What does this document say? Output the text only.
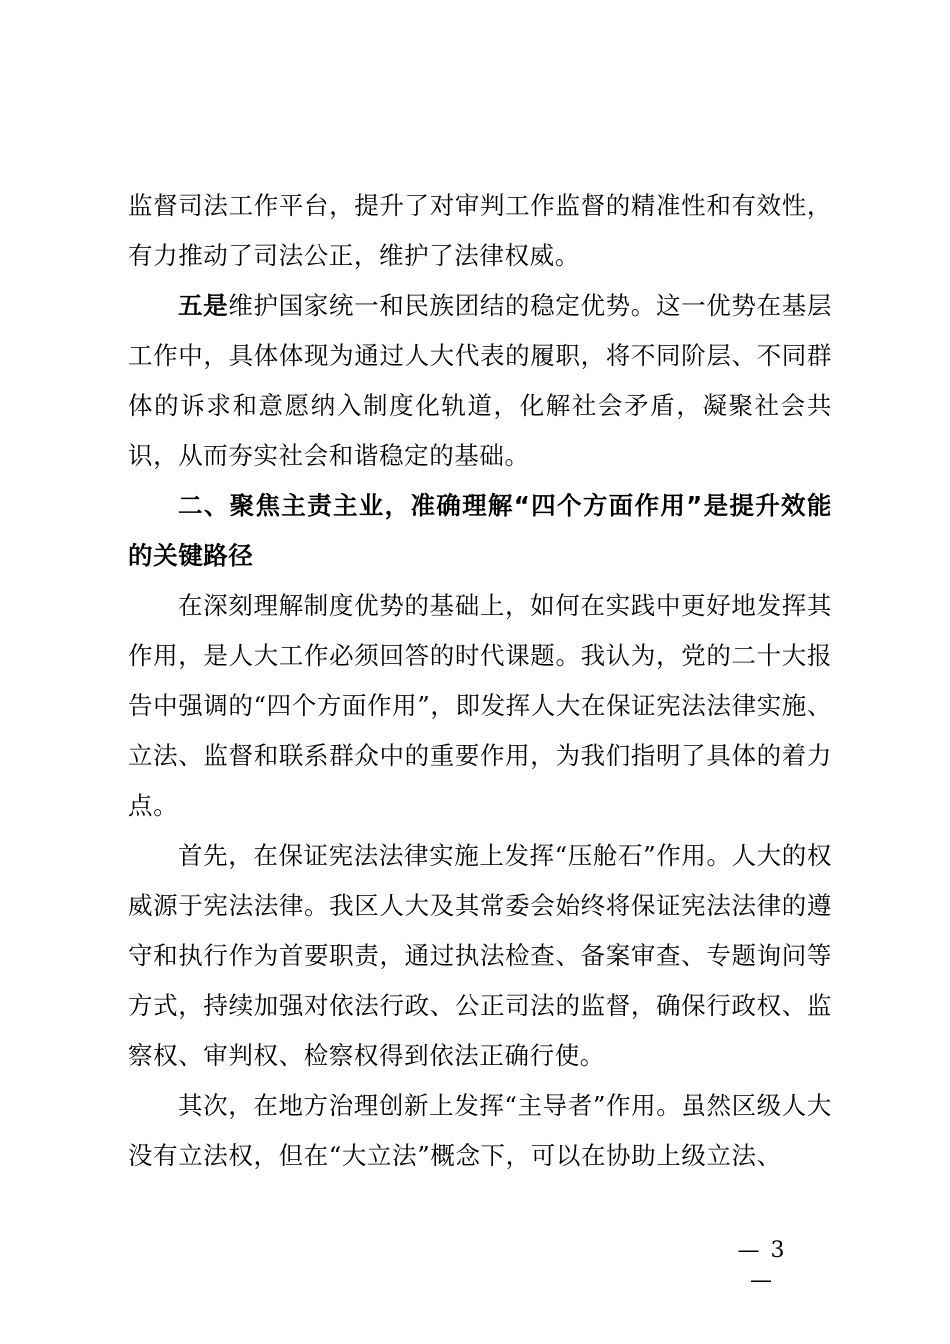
监督司法工作平台，提升了对审判工作监督的精准性和有效性，有力推动了司法公正，维护了法律权威。

五是维护国家统一和民族团结的稳定优势。这一优势在基层工作中，具体体现为通过人大代表的履职，将不同阶层、不同群体的诉求和意愿纳入制度化轨道，化解社会矛盾，凝聚社会共识，从而夯实社会和谐稳定的基础。

二、聚焦主责主业，准确理解“四个方面作用”是提升效能的关键路径

在深刻理解制度优势的基础上，如何在实践中更好地发挥其作用，是人大工作必须回答的时代课题。我认为，党的二十大报告中强调的“四个方面作用”，即发挥人大在保证宪法法律实施、立法、监督和联系群众中的重要作用，为我们指明了具体的着力点。

首先，在保证宪法法律实施上发挥“压舱石”作用。人大的权威源于宪法法律。我区人大及其常委会始终将保证宪法法律的遵守和执行作为首要职责，通过执法检查、备案审查、专题询问等方式，持续加强对依法行政、公正司法的监督，确保行政权、监察权、审判权、检察权得到依法正确行使。

其次，在地方治理创新上发挥“主导者”作用。虽然区级人大没有立法权，但在“大立法”概念下，可以在协助上级立法、

— 3 —
